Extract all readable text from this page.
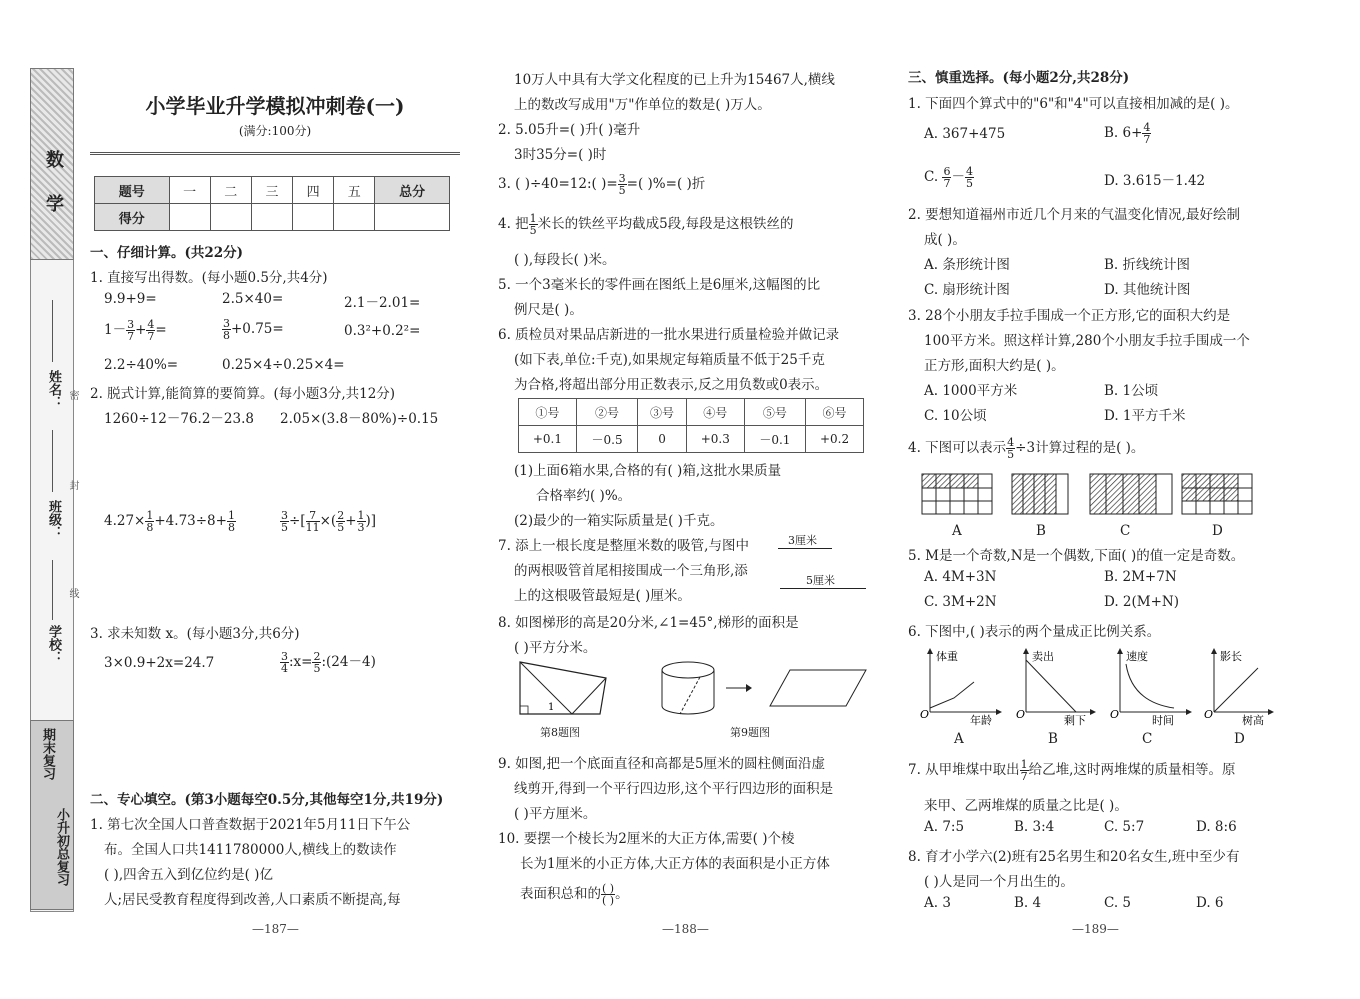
数 学
姓名：
班级：
学校：
密
封
线
期末复习
小升初总复习
小学毕业升学模拟冲刺卷(一)
(满分:100分)
题号	一	二	三	四	五	总分
得分						
一、仔细计算。(共22分)
1. 直接写出得数。(每小题0.5分,共4分)
9.9+9=	2.5×40=	2.1－2.01=
$1- \frac{3}{7} + \frac{4}{7}$ =	$\frac{3}{8} +0.75=$	0.3²+0.2²=
2.2÷40%=	0.25×4÷0.25×4=
2. 脱式计算,能简算的要简算。(每小题3分,共12分)
1260÷12－76.2－23.8 2.05×(3.8－80%)÷0.15
$4.27\times \frac{1}{8} +4.73\div 8+ \frac{1}{8}$	$\frac{3}{5}$ ÷[ $\frac{7}{11}$ ×( $\frac{2}{5} + \frac{1}{3}$ )]
3. 求未知数 x。(每小题3分,共6分)
3×0.9+2x=24.7	$\frac{3}{4}$ :x= $\frac{2}{5}$ :(24－4)
二、专心填空。(第3小题每空0.5分,其他每空1分,共19分)
1. 第七次全国人口普查数据于2021年5月11日下午公
布。全国人口共1411780000人,横线上的数读作
( ),四舍五入到亿位约是( )亿
人;居民受教育程度得到改善,人口素质不断提高,每
—187—
10万人中具有大学文化程度的已上升为15467人,横线
上的数改写成用"万"作单位的数是( )万人。
2. 5.05升=( )升( )毫升
3时35分=( )时
3. ( )÷40=12:( )= $\frac{3}{5}$ =( )%=( )折
4. 把 $\frac{1}{5}$ 米长的铁丝平均截成5段,每段是这根铁丝的
( ),每段长( )米。
5. 一个3毫米长的零件画在图纸上是6厘米,这幅图的比
例尺是( )。
6. 质检员对果品店新进的一批水果进行质量检验并做记录
(如下表,单位:千克),如果规定每箱质量不低于25千克
为合格,将超出部分用正数表示,反之用负数或0表示。
①号	②号	③号	④号	⑤号	⑥号
+0.1	－0.5	0	+0.3	－0.1	+0.2
(1)上面6箱水果,合格的有( )箱,这批水果质量
合格率约( )%。
(2)最少的一箱实际质量是( )千克。
7. 添上一根长度是整厘米数的吸管,与图中
的两根吸管首尾相接围成一个三角形,添
上的这根吸管最短是( )厘米。
3厘米
5厘米
8. 如图梯形的高是20分米,∠1=45°,梯形的面积是
( )平方分米。
1
第8题图	第9题图
9. 如图,把一个底面直径和高都是5厘米的圆柱侧面沿虚
线剪开,得到一个平行四边形,这个平行四边形的面积是
( )平方厘米。
10. 要摆一个棱长为2厘米的大正方体,需要( )个棱
长为1厘米的小正方体,大正方体的表面积是小正方体
表面积总和的 $\frac{( )}{( )}$ 。
—188—
三、慎重选择。(每小题2分,共28分)
1. 下面四个算式中的"6"和"4"可以直接相加减的是( )。
A. 367+475	B. $6+ \frac{4}{7}$
C. $\frac{6}{7} - \frac{4}{5}$	D. 3.615－1.42
2. 要想知道福州市近几个月来的气温变化情况,最好绘制
成( )。
A. 条形统计图	B. 折线统计图
C. 扇形统计图	D. 其他统计图
3. 28个小朋友手拉手围成一个正方形,它的面积大约是
100平方米。照这样计算,280个小朋友手拉手围成一个
正方形,面积大约是( )。
A. 1000平方米	B. 1公顷
C. 10公顷	D. 1平方千米
4. 下图可以表示 $\frac{4}{5} \div 3$计算过程的是( )。
A	B	C	D
5. M是一个奇数,N是一个偶数,下面( )的值一定是奇数。
A. 4M+3N	B. 2M+7N
C. 3M+2N	D. 2(M+N)
6. 下图中,( )表示的两个量成正比例关系。
体重
年龄
O
卖出
剩下
O
速度
时间
O
影长
树高
O
A	B	C	D
7. 从甲堆煤中取出 $\frac{1}{7}$ 给乙堆,这时两堆煤的质量相等。原
来甲、乙两堆煤的质量之比是( )。
A. 7:5	B. 3:4	C. 5:7	D. 8:6
8. 育才小学六(2)班有25名男生和20名女生,班中至少有
( )人是同一个月出生的。
A. 3	B. 4	C. 5	D. 6
—189—
